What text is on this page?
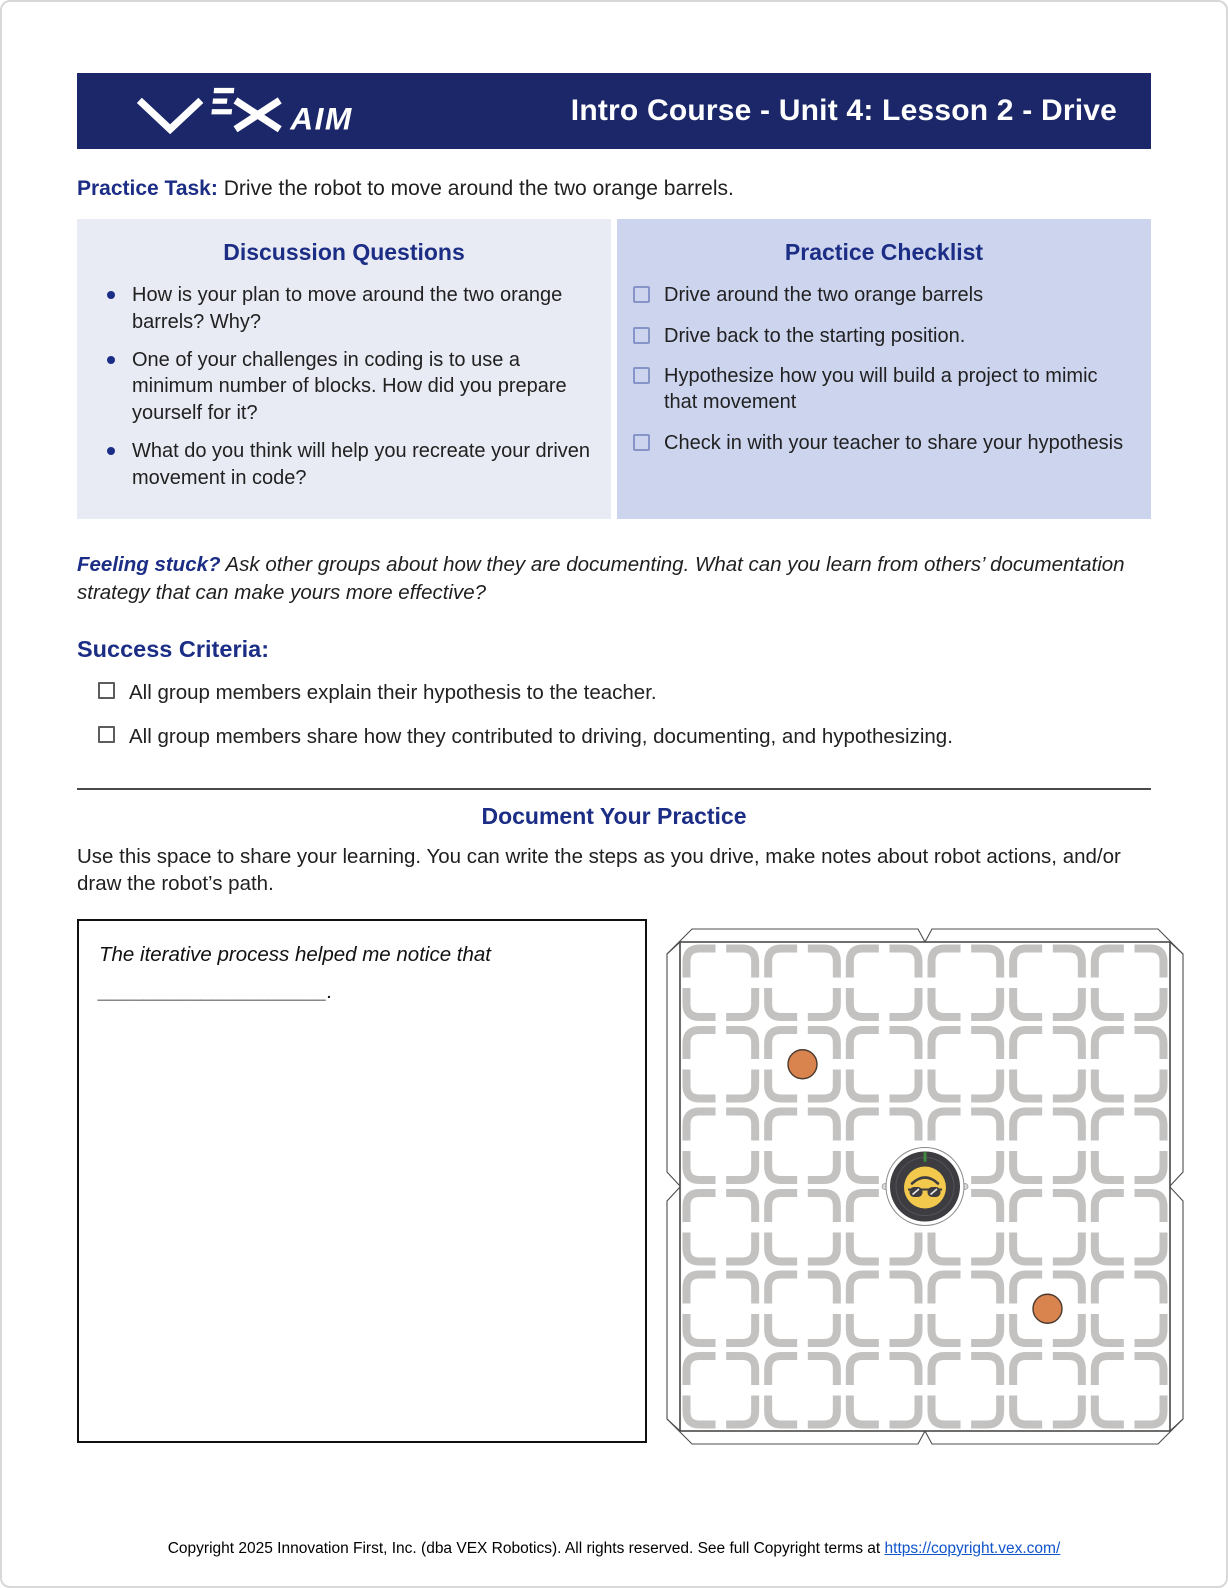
AIM	Intro Course - Unit 4: Lesson 2 - Drive

Practice Task: Drive the robot to move around the two orange barrels.

Discussion Questions
How is your plan to move around the two orange barrels? Why?
One of your challenges in coding is to use a minimum number of blocks. How did you prepare yourself for it?
What do you think will help you recreate your driven movement in code?
Practice Checklist
Drive around the two orange barrels
Drive back to the starting position.
Hypothesize how you will build a project to mimic that movement
Check in with your teacher to share your hypothesis

Feeling stuck? Ask other groups about how they are documenting. What can you learn from others’ documentation strategy that can make yours more effective?

Success Criteria:
All group members explain their hypothesis to the teacher.
All group members share how they contributed to driving, documenting, and hypothesizing.
Document Your Practice

Use this space to share your learning. You can write the steps as you drive, make notes about robot actions, and/or draw the robot’s path.

The iterative process helped me notice that

____________________.

Copyright 2025 Innovation First, Inc. (dba VEX Robotics). All rights reserved. See full Copyright terms at https://copyright.vex.com/
